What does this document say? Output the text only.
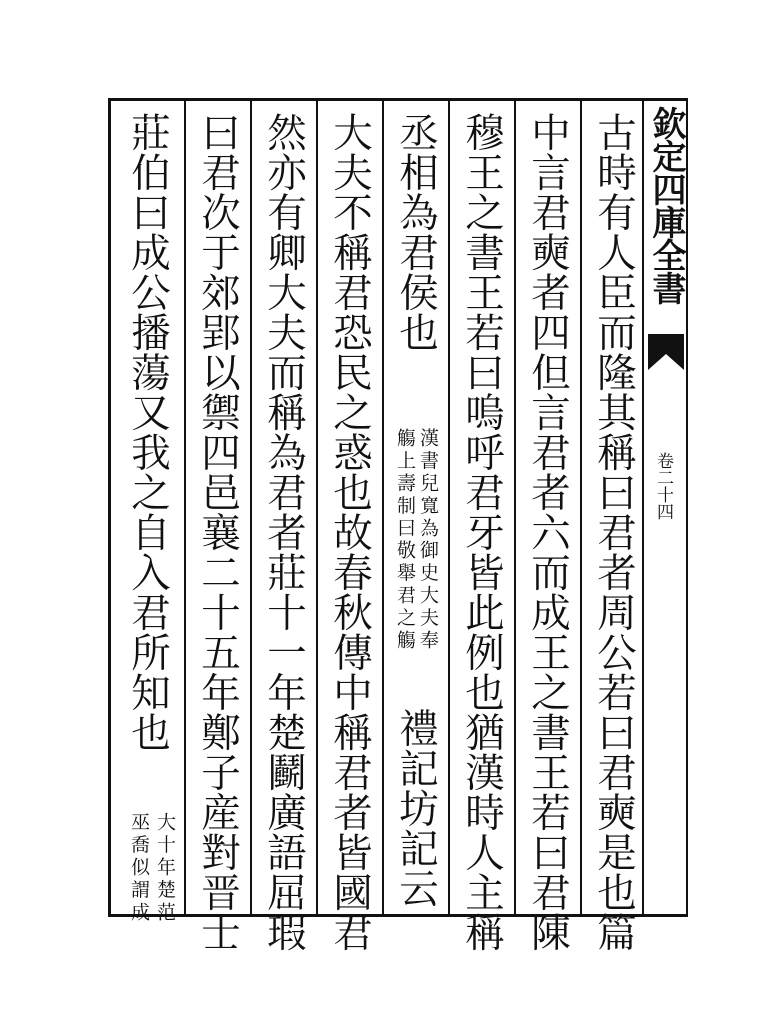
欽定四庫全書
卷二十四
古時有人臣而隆其稱曰君者周公若曰君奭是也篇
中言君奭者四但言君者六而成王之書王若曰君陳
穆王之書王若曰嗚呼君牙皆此例也猶漢時人主稱
丞相為君侯也
漢書兒寬為御史大夫奉
觴上壽制曰敬舉君之觴
禮記坊記云
大夫不稱君恐民之惑也故春秋傳中稱君者皆國君
然亦有卿大夫而稱為君者莊十一年楚鬬廣語屈瑕
曰君次于郊郢以禦四邑襄二十五年鄭子産對晋士
莊伯曰成公播蕩又我之自入君所知也
大十年楚范
巫喬似謂成
